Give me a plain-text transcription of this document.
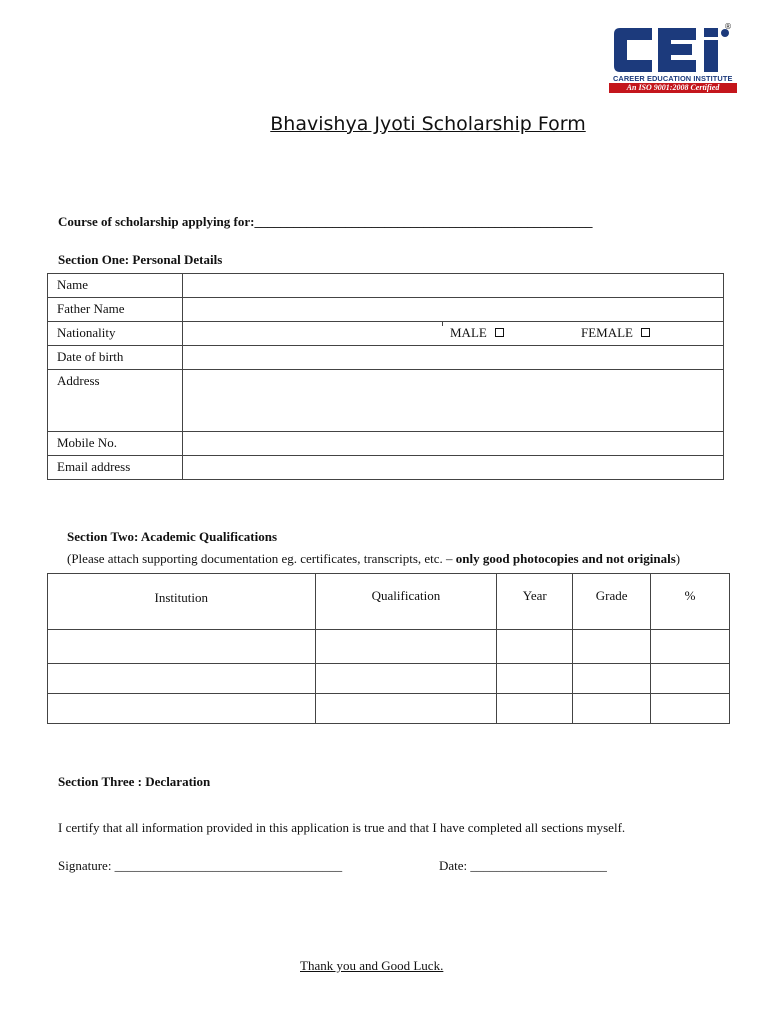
®
CAREER EDUCATION INSTITUTE
An ISO 9001:2008 Certified
Bhavishya Jyoti Scholarship Form
Course of scholarship applying for:____________________________________________________
Section One: Personal Details
Name	
Father Name	
Nationality	MALE FEMALE

Date of birth	
Address	
Mobile No.	
Email address	
Section Two: Academic Qualifications
(Please attach supporting documentation eg. certificates, transcripts, etc. – only good photocopies and not originals)
Institution	Qualification	Year	Grade	%

Section Three : Declaration
I certify that all information provided in this application is true and that I have completed all sections myself.
Signature: ___________________________________	Date: _____________________
Thank you and Good Luck.
